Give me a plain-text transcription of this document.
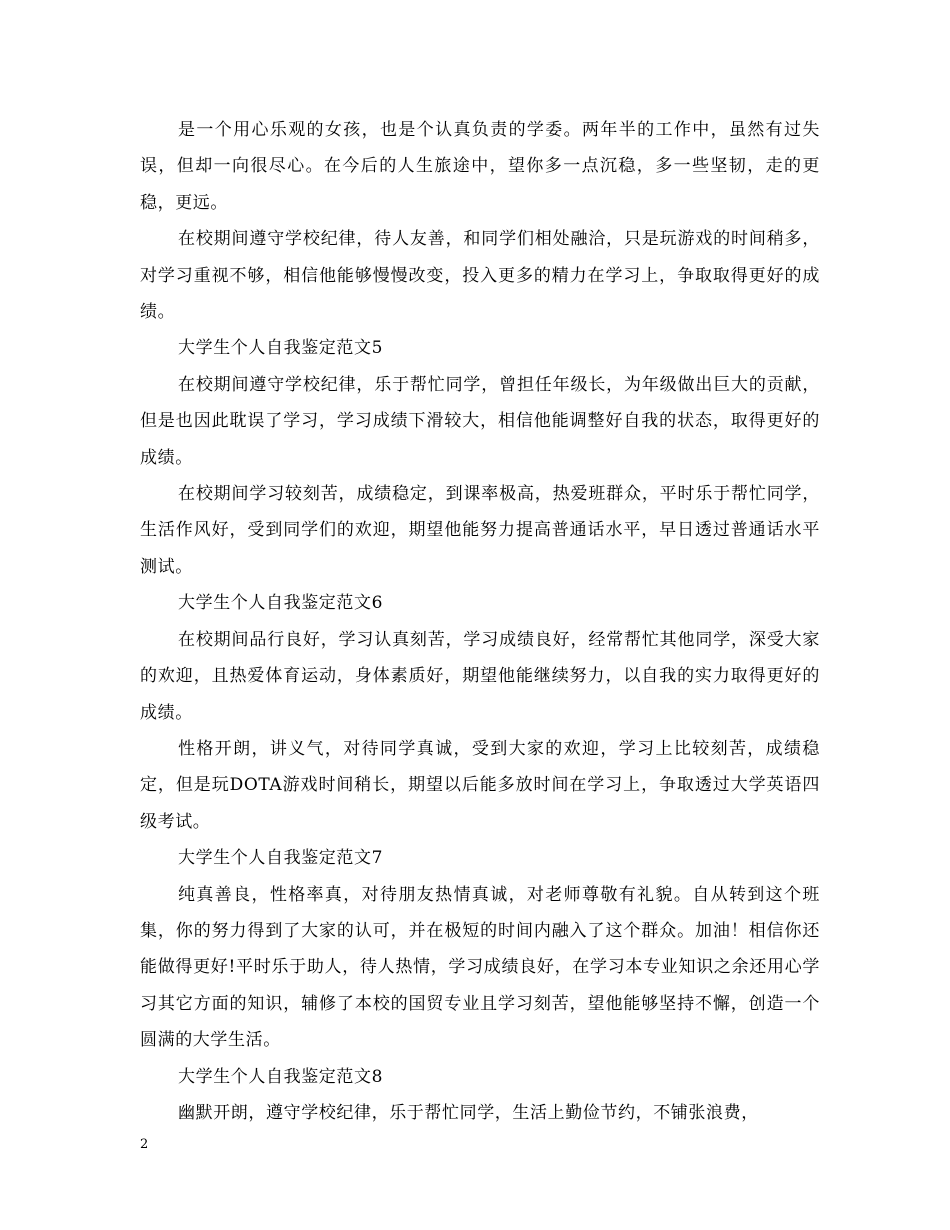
是一个用心乐观的女孩，也是个认真负责的学委。两年半的工作中，虽然有过失误，但却一向很尽心。在今后的人生旅途中，望你多一点沉稳，多一些坚韧，走的更稳，更远。

在校期间遵守学校纪律，待人友善，和同学们相处融洽，只是玩游戏的时间稍多，对学习重视不够，相信他能够慢慢改变，投入更多的精力在学习上，争取取得更好的成绩。

大学生个人自我鉴定范文5

在校期间遵守学校纪律，乐于帮忙同学，曾担任年级长，为年级做出巨大的贡献，但是也因此耽误了学习，学习成绩下滑较大，相信他能调整好自我的状态，取得更好的成绩。

在校期间学习较刻苦，成绩稳定，到课率极高，热爱班群众，平时乐于帮忙同学，生活作风好，受到同学们的欢迎，期望他能努力提高普通话水平，早日透过普通话水平测试。

大学生个人自我鉴定范文6

在校期间品行良好，学习认真刻苦，学习成绩良好，经常帮忙其他同学，深受大家的欢迎，且热爱体育运动，身体素质好，期望他能继续努力，以自我的实力取得更好的成绩。

性格开朗，讲义气，对待同学真诚，受到大家的欢迎，学习上比较刻苦，成绩稳定，但是玩DOTA游戏时间稍长，期望以后能多放时间在学习上，争取透过大学英语四级考试。

大学生个人自我鉴定范文7

纯真善良，性格率真，对待朋友热情真诚，对老师尊敬有礼貌。自从转到这个班集，你的努力得到了大家的认可，并在极短的时间内融入了这个群众。加油！相信你还能做得更好!平时乐于助人，待人热情，学习成绩良好，在学习本专业知识之余还用心学习其它方面的知识，辅修了本校的国贸专业且学习刻苦，望他能够坚持不懈，创造一个圆满的大学生活。

大学生个人自我鉴定范文8

幽默开朗，遵守学校纪律，乐于帮忙同学，生活上勤俭节约，不铺张浪费，

2
